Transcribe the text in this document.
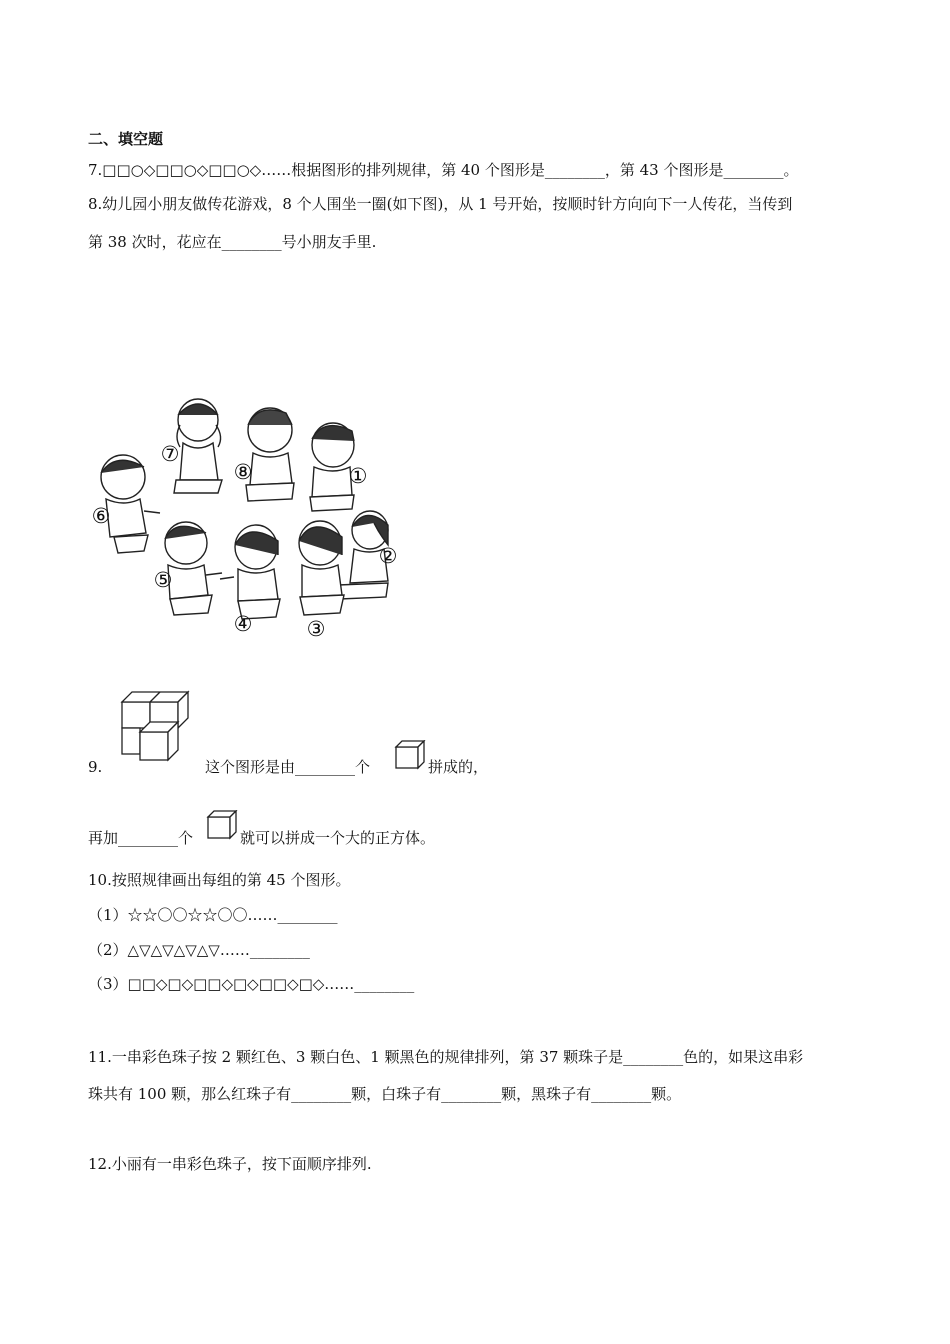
二、填空题
7.□□○◇□□○◇□□○◇……根据图形的排列规律，第 40 个图形是________，第 43 个图形是________。
8.幼儿园小朋友做传花游戏，8 个人围坐一圈(如下图)，从 1 号开始，按顺时针方向向下一人传花，当传到
第 38 次时，花应在________号小朋友手里.
⑦
⑧	①
⑥
②
⑤
④	③
9.	这个图形是由________个	拼成的，
再加________个	就可以拼成一个大的正方体。
10.按照规律画出每组的第 45 个图形。
（1）☆☆〇〇☆☆〇〇……________
（2）△▽△▽△▽△▽……________
（3）□□◇□◇□□◇□◇□□◇□◇……________
11.一串彩色珠子按 2 颗红色、3 颗白色、1 颗黑色的规律排列，第 37 颗珠子是________色的，如果这串彩
珠共有 100 颗，那么红珠子有________颗，白珠子有________颗，黑珠子有________颗。
12.小丽有一串彩色珠子，按下面顺序排列.
